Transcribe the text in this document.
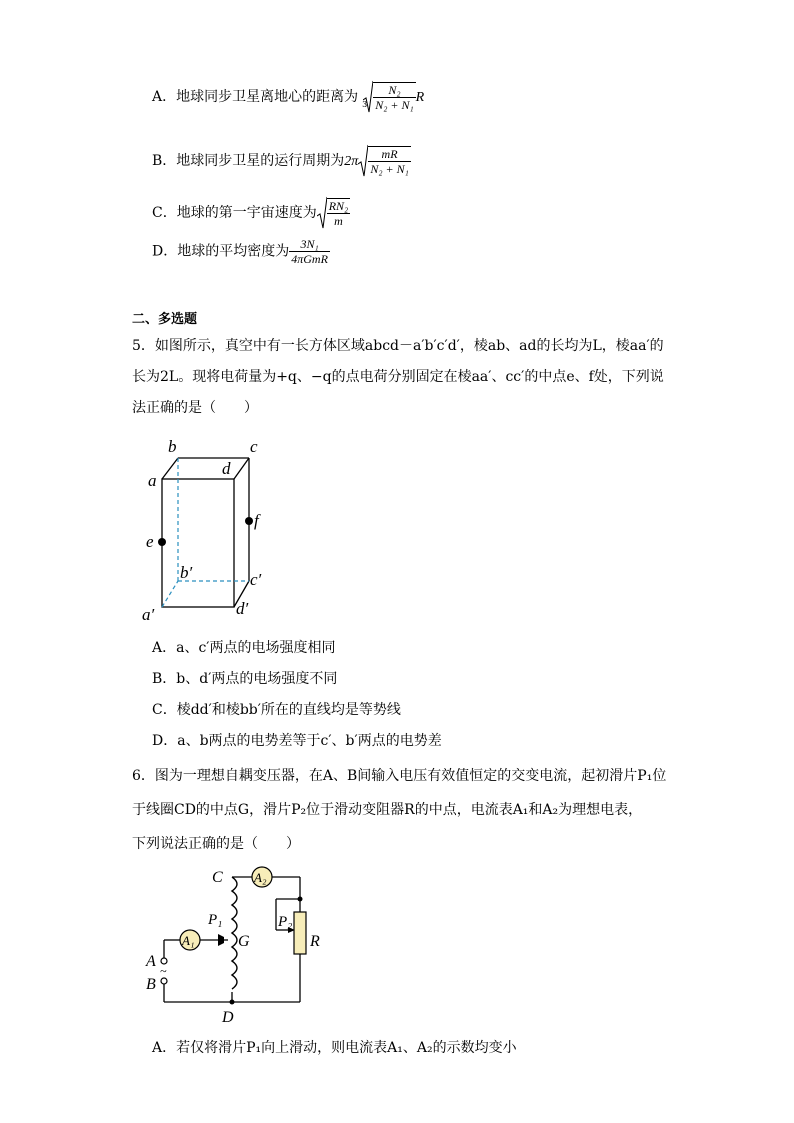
A．地球同步卫星离地心的距离为 $_3 \frac{\text{N₂}}{\text{N₂ + N₁}}$ R
B．地球同步卫星的运行周期为$2\pi \frac{mR}{\text{N₂ + N₁}}$
C．地球的第一宇宙速度为 $\frac{\text{RN₂}}{m}$
D．地球的平均密度为 $\frac{\text{3N₁}}{\text{4πGmR}}$
二、多选题
5．如图所示，真空中有一长方体区域abcd－a′b′c′d′，棱ab、ad的长均为L，棱aa′的
长为2L。现将电荷量为+q、−q的点电荷分别固定在棱aa′、cc′的中点e、f处，下列说
法正确的是（　　）
b	c
a
d
e
f
b′	c′
a′	d′
A．a、c′两点的电场强度相同
B．b、d′两点的电场强度不同
C．棱dd′和棱bb′所在的直线均是等势线
D．a、b两点的电势差等于c′、b′两点的电势差
6．图为一理想自耦变压器，在A、B间输入电压有效值恒定的交变电流，起初滑片P₁位
于线圈CD的中点G，滑片P₂位于滑动变阻器R的中点，电流表A₁和A₂为理想电表，
下列说法正确的是（　　）
A₁
A₂
~
C
D
G
P₁	P₂
R
A
B
A．若仅将滑片P₁向上滑动，则电流表A₁、A₂的示数均变小
